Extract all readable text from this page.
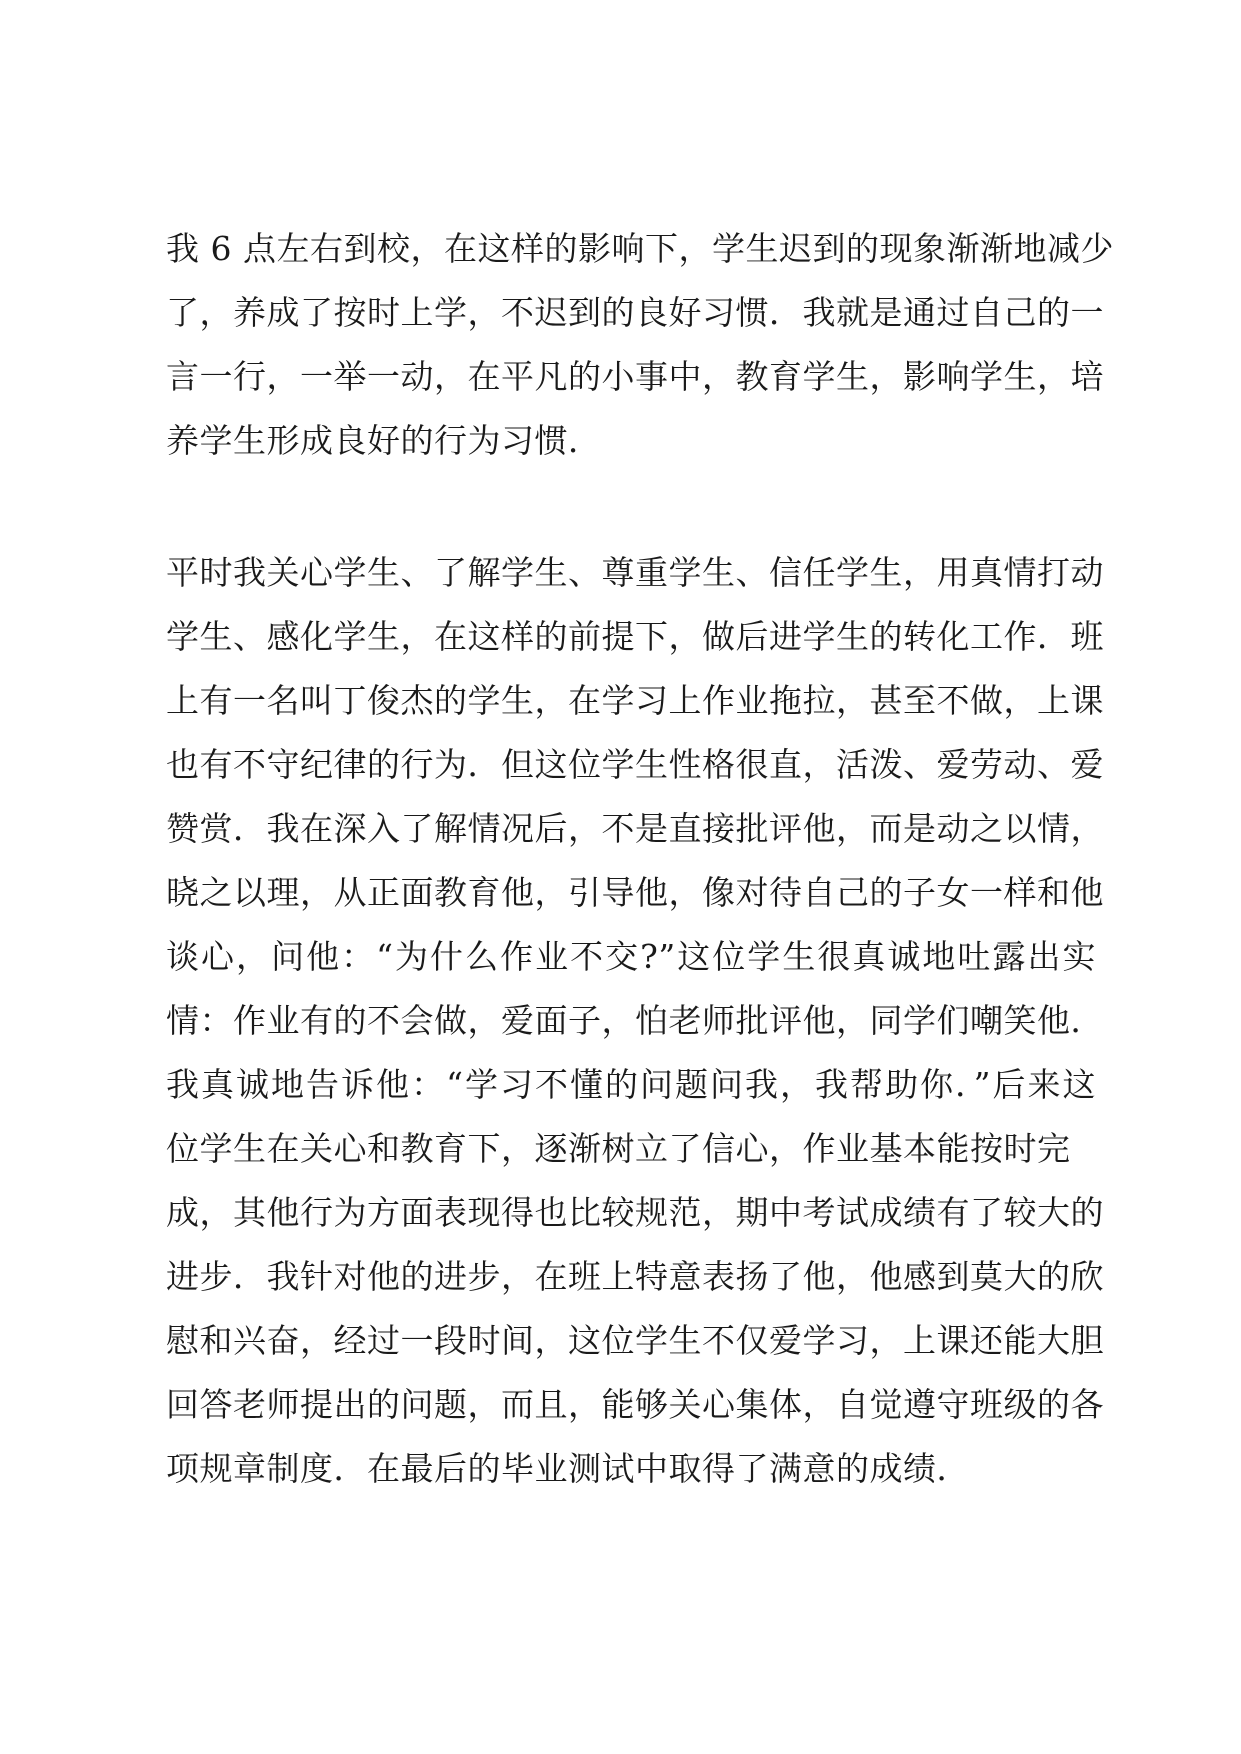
我 6 点左右到校，在这样的影响下，学生迟到的现象渐渐地减少
了，养成了按时上学，不迟到的良好习惯．我就是通过自己的一
言一行，一举一动，在平凡的小事中，教育学生，影响学生，培
养学生形成良好的行为习惯．
平时我关心学生、了解学生、尊重学生、信任学生，用真情打动
学生、感化学生，在这样的前提下，做后进学生的转化工作．班
上有一名叫丁俊杰的学生，在学习上作业拖拉，甚至不做，上课
也有不守纪律的行为．但这位学生性格很直，活泼、爱劳动、爱
赞赏．我在深入了解情况后，不是直接批评他，而是动之以情，
晓之以理，从正面教育他，引导他，像对待自己的子女一样和他
谈心，问他：“为什么作业不交?”这位学生很真诚地吐露出实
情：作业有的不会做，爱面子，怕老师批评他，同学们嘲笑他．
我真诚地告诉他：“学习不懂的问题问我，我帮助你．”后来这
位学生在关心和教育下，逐渐树立了信心，作业基本能按时完
成，其他行为方面表现得也比较规范，期中考试成绩有了较大的
进步．我针对他的进步，在班上特意表扬了他，他感到莫大的欣
慰和兴奋，经过一段时间，这位学生不仅爱学习，上课还能大胆
回答老师提出的问题，而且，能够关心集体，自觉遵守班级的各
项规章制度．在最后的毕业测试中取得了满意的成绩．
